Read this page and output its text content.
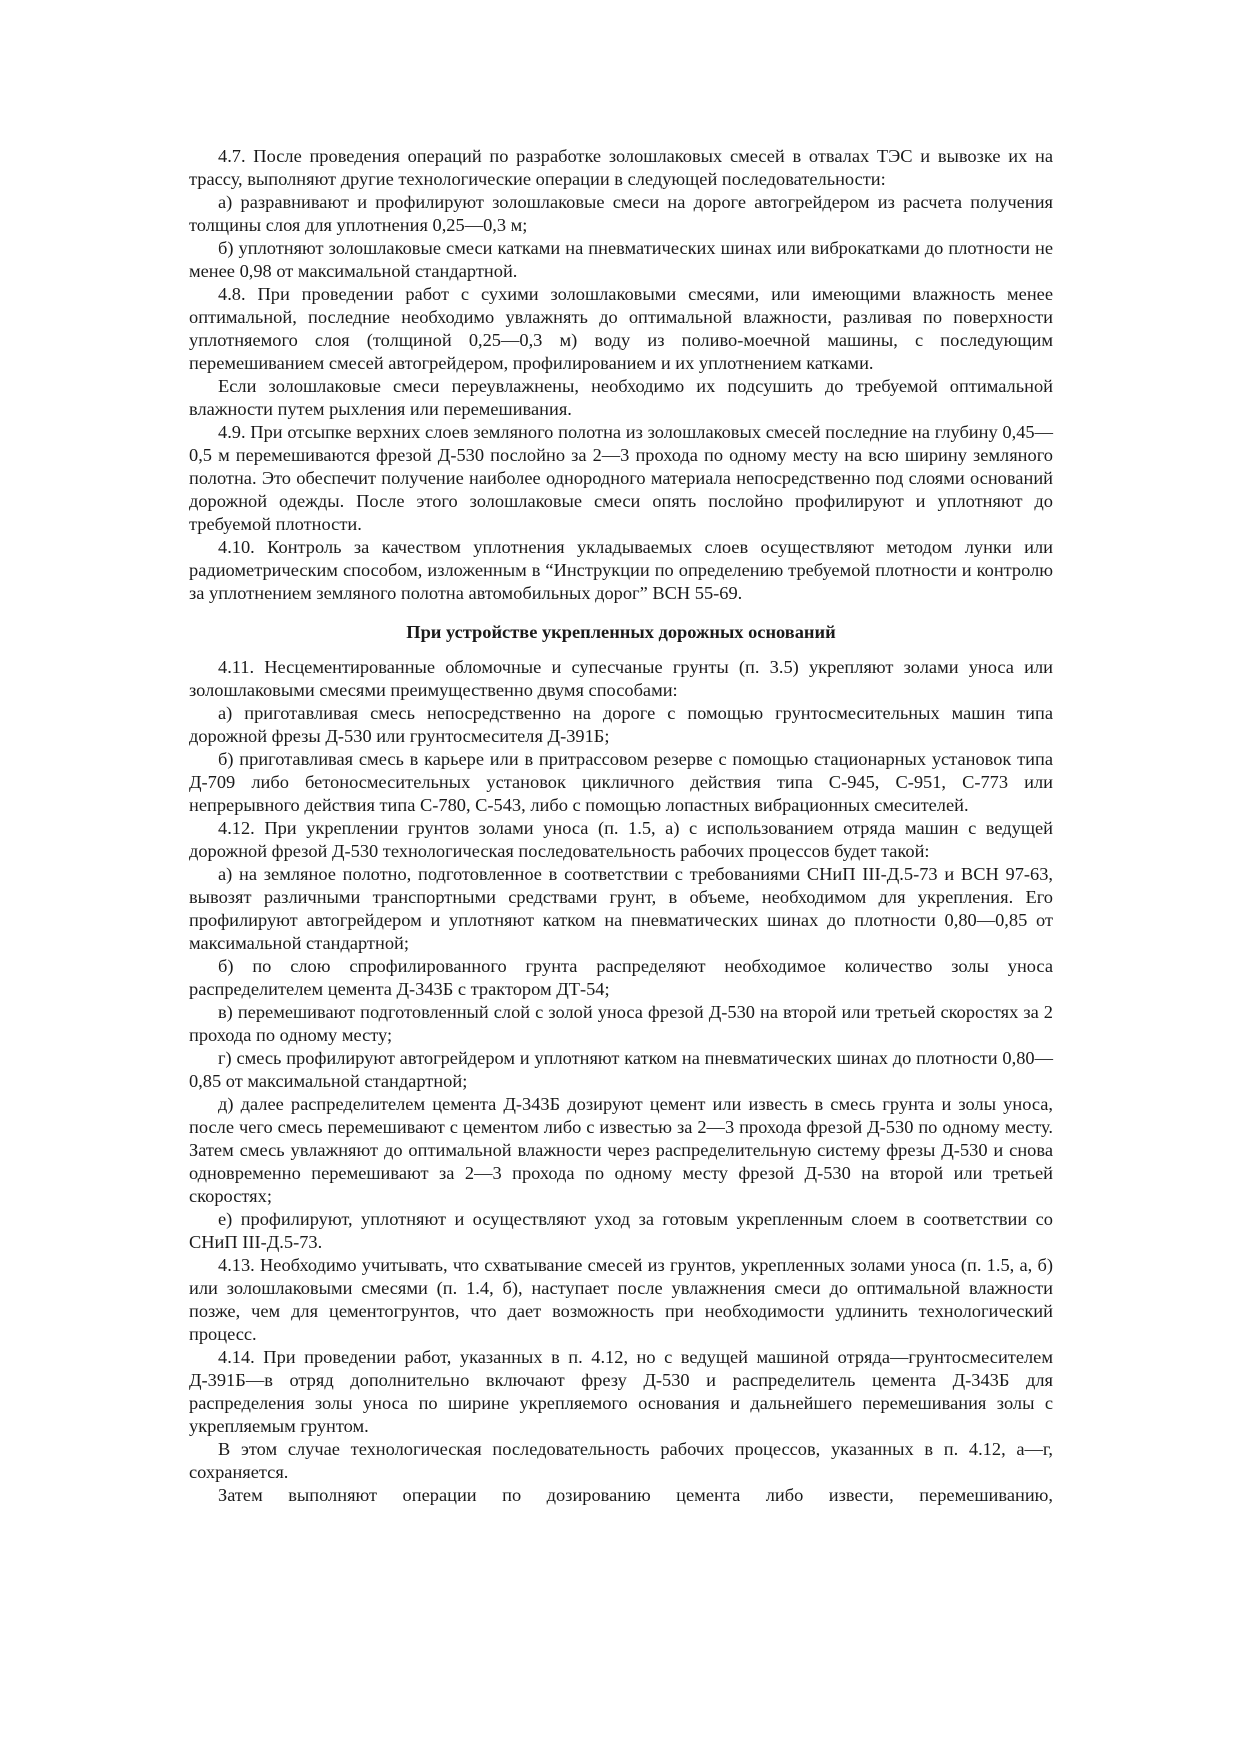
4.7. После проведения операций по разработке золошлаковых смесей в отвалах ТЭС и вывозке их на трассу, выполняют другие технологические операции в следующей последовательности:

а) разравнивают и профилируют золошлаковые смеси на дороге автогрейдером из расчета получения толщины слоя для уплотнения 0,25—0,3 м;

б) уплотняют золошлаковые смеси катками на пневматических шинах или виброкатками до плотности не менее 0,98 от максимальной стандартной.

4.8. При проведении работ с сухими золошлаковыми смесями, или имеющими влажность менее оптимальной, последние необходимо увлажнять до оптимальной влажности, разливая по поверхности уплотняемого слоя (толщиной 0,25—0,3 м) воду из поливо-моечной машины, с последующим перемешиванием смесей автогрейдером, профилированием и их уплотнением катками.

Если золошлаковые смеси переувлажнены, необходимо их подсушить до требуемой оптимальной влажности путем рыхления или перемешивания.

4.9. При отсыпке верхних слоев земляного полотна из золошлаковых смесей последние на глубину 0,45—0,5 м перемешиваются фрезой Д-530 послойно за 2—3 прохода по одному месту на всю ширину земляного полотна. Это обеспечит получение наиболее однородного материала непосредственно под слоями оснований дорожной одежды. После этого золошлаковые смеси опять послойно профилируют и уплотняют до требуемой плотности.

4.10. Контроль за качеством уплотнения укладываемых слоев осуществляют методом лунки или радиометрическим способом, изложенным в “Инструкции по определению требуемой плотности и контролю за уплотнением земляного полотна автомобильных дорог” ВСН 55-69.

При устройстве укрепленных дорожных оснований

4.11. Несцементированные обломочные и супесчаные грунты (п. 3.5) укрепляют золами уноса или золошлаковыми смесями преимущественно двумя способами:

а) приготавливая смесь непосредственно на дороге с помощью грунтосмесительных машин типа дорожной фрезы Д-530 или грунтосмесителя Д-391Б;

б) приготавливая смесь в карьере или в притрассовом резерве с помощью стационарных установок типа Д-709 либо бетоносмесительных установок цикличного действия типа С-945, С-951, С-773 или непрерывного действия типа С-780, С-543, либо с помощью лопастных вибрационных смесителей.

4.12. При укреплении грунтов золами уноса (п. 1.5, а) с использованием отряда машин с ведущей дорожной фрезой Д-530 технологическая последовательность рабочих процессов будет такой:

а) на земляное полотно, подготовленное в соответствии с требованиями СНиП III-Д.5-73 и ВСН 97-63, вывозят различными транспортными средствами грунт, в объеме, необходимом для укрепления. Его профилируют автогрейдером и уплотняют катком на пневматических шинах до плотности 0,80—0,85 от максимальной стандартной;

б) по слою спрофилированного грунта распределяют необходимое количество золы уноса распределителем цемента Д-343Б с трактором ДТ-54;

в) перемешивают подготовленный слой с золой уноса фрезой Д-530 на второй или третьей скоростях за 2 прохода по одному месту;

г) смесь профилируют автогрейдером и уплотняют катком на пневматических шинах до плотности 0,80—0,85 от максимальной стандартной;

д) далее распределителем цемента Д-343Б дозируют цемент или известь в смесь грунта и золы уноса, после чего смесь перемешивают с цементом либо с известью за 2—3 прохода фрезой Д-530 по одному месту. Затем смесь увлажняют до оптимальной влажности через распределительную систему фрезы Д-530 и снова одновременно перемешивают за 2—3 прохода по одному месту фрезой Д-530 на второй или третьей скоростях;

е) профилируют, уплотняют и осуществляют уход за готовым укрепленным слоем в соответствии со СНиП III-Д.5-73.

4.13. Необходимо учитывать, что схватывание смесей из грунтов, укрепленных золами уноса (п. 1.5, а, б) или золошлаковыми смесями (п. 1.4, б), наступает после увлажнения смеси до оптимальной влажности позже, чем для цементогрунтов, что дает возможность при необходимости удлинить технологический процесс.

4.14. При проведении работ, указанных в п. 4.12, но с ведущей машиной отряда—грунтосмесителем Д-391Б—в отряд дополнительно включают фрезу Д-530 и распределитель цемента Д-343Б для распределения золы уноса по ширине укрепляемого основания и дальнейшего перемешивания золы с укрепляемым грунтом.

В этом случае технологическая последовательность рабочих процессов, указанных в п. 4.12, а—г, сохраняется.

Затем выполняют операции по дозированию цемента либо извести, перемешиванию,
